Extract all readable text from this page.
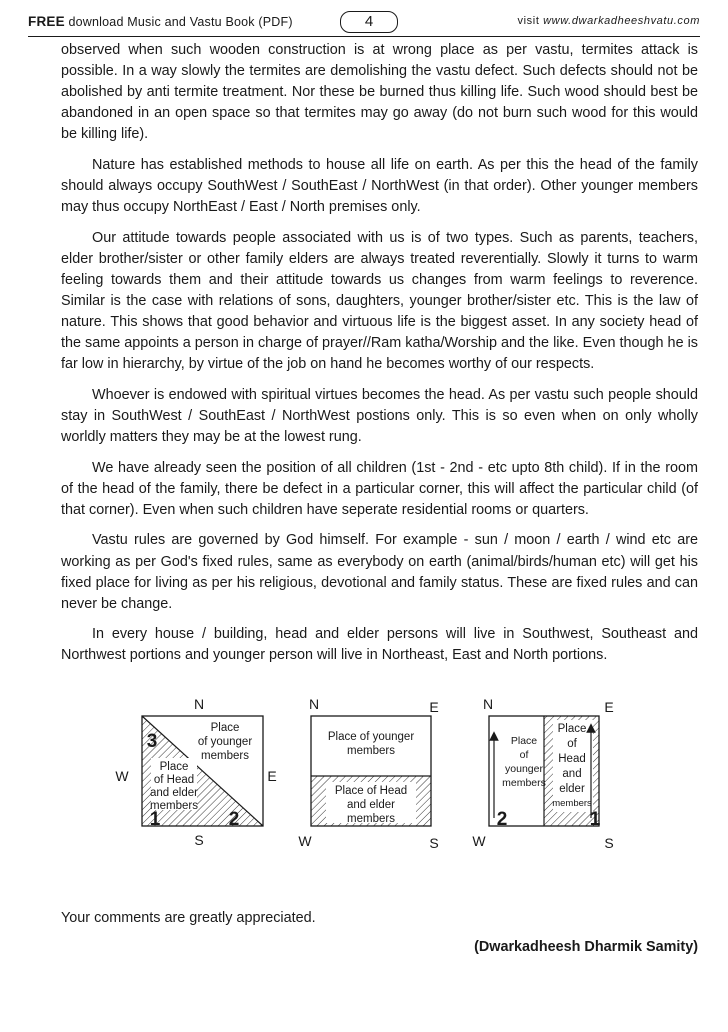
FREE download Music and Vastu Book (PDF)	4	visit www.dwarkadheeshvatu.com

observed when such wooden construction is at wrong place as per vastu, termites attack is possible. In a way slowly the termites are demolishing the vastu defect. Such defects should not be abolished by anti termite treatment. Nor these be burned thus killing life. Such wood should best be abandoned in an open space so that termites may go away (do not burn such wood for this would be killing life).

Nature has established methods to house all life on earth. As per this the head of the family should always occupy SouthWest / SouthEast / NorthWest (in that order). Other younger members may thus occupy NorthEast / East / North premises only.

Our attitude towards people associated with us is of two types. Such as parents, teachers, elder brother/sister or other family elders are always treated reverentially. Slowly it turns to warm feeling towards them and their attitude towards us changes from warm feelings to reverence. Similar is the case with relations of sons, daughters, younger brother/sister etc. This is the law of nature. This shows that good behavior and virtuous life is the biggest asset. In any society head of the same appoints a person in charge of prayer//Ram katha/Worship and the like. Even though he is far low in hierarchy, by virtue of the job on hand he becomes worthy of our respects.

Whoever is endowed with spiritual virtues becomes the head. As per vastu such people should stay in SouthWest / SouthEast / NorthWest postions only. This is so even when on only wholly worldly matters they may be at the lowest rung.

We have already seen the position of all children (1st - 2nd - etc upto 8th child). If in the room of the head of the family, there be defect in a particular corner, this will affect the particular child (of that corner). Even when such children have seperate residential rooms or quarters.

Vastu rules are governed by God himself. For example - sun / moon / earth / wind etc are working as per God's fixed rules, same as everybody on earth (animal/birds/human etc) will get his fixed place for living as per his religious, devotional and family status. These are fixed rules and can never be change.

In every house / building, head and elder persons will live in Southwest, Southeast and Northwest portions and younger person will live in Northeast, East and North portions.

N
S
E
W
Place
of younger
members
Place
of Head
and elder
members
3
1	2
N	E
S
W
Place of younger
members
Place of Head
and elder
members
N	E
S
W
Place
of
younger
members
Place
of
Head
and
elder
members
2	1
Your comments are greatly appreciated.
(Dwarkadheesh Dharmik Samity)
